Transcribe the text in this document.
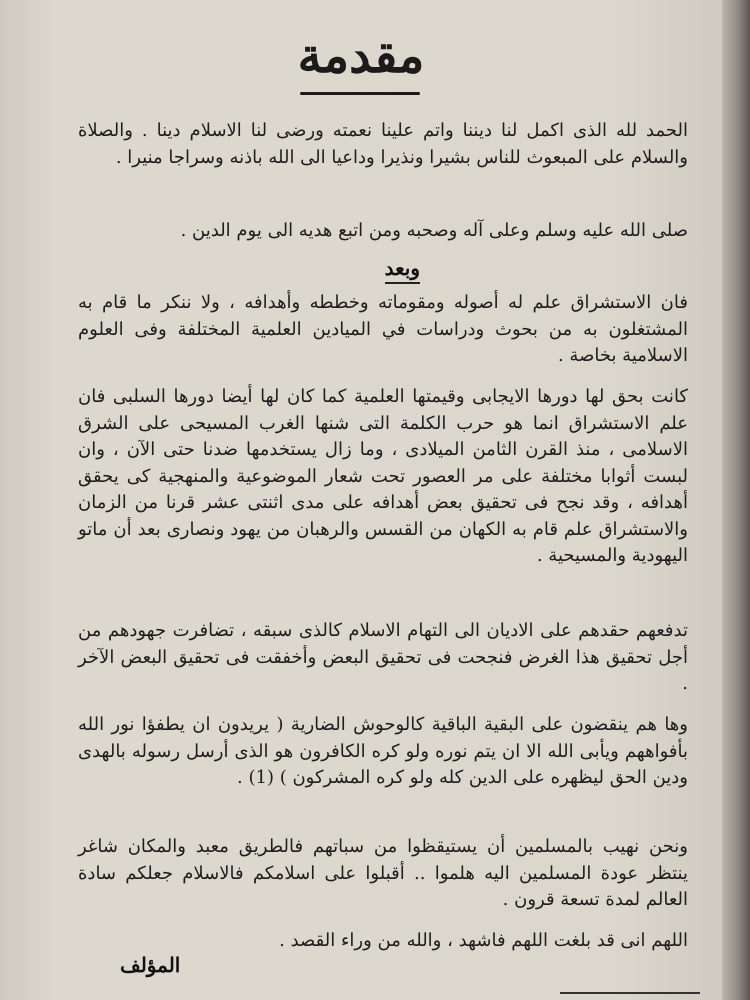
مقدمة

الحمد لله الذى اكمل لنا ديننا واتم علينا نعمته ورضى لنا الاسلام دينا . والصلاة والسلام على المبعوث للناس بشيرا ونذيرا وداعيا الى الله باذنه وسراجا منيرا .

صلى الله عليه وسلم وعلى آله وصحبه ومن اتبع هديه الى يوم الدين .

وبعد

فان الاستشراق علم له أصوله ومقوماته وخططه وأهدافه ، ولا ننكر ما قام به المشتغلون به من بحوث ودراسات في الميادين العلمية المختلفة وفى العلوم الاسلامية بخاصة .

كانت بحق لها دورها الايجابى وقيمتها العلمية كما كان لها أيضا دورها السلبى فان علم الاستشراق انما هو حرب الكلمة التى شنها الغرب المسيحى على الشرق الاسلامى ، منذ القرن الثامن الميلادى ، وما زال يستخدمها ضدنا حتى الآن ، وان لبست أثوابا مختلفة على مر العصور تحت شعار الموضوعية والمنهجية كى يحقق أهدافه ، وقد نجح فى تحقيق بعض أهدافه على مدى اثنتى عشر قرنا من الزمان والاستشراق علم قام به الكهان من القسس والرهبان من يهود ونصارى بعد أن ماتو اليهودية والمسيحية .

تدفعهم حقدهم على الاديان الى التهام الاسلام كالذى سبقه ، تضافرت جهودهم من أجل تحقيق هذا الغرض فنجحت فى تحقيق البعض وأخفقت فى تحقيق البعض الآخر .

وها هم ينقضون على البقية الباقية كالوحوش الضارية ( يريدون ان يطفؤا نور الله بأفواههم ويأبى الله الا ان يتم نوره ولو كره الكافرون هو الذى أرسل رسوله بالهدى ودين الحق ليظهره على الدين كله ولو كره المشركون ) (1) .

ونحن نهيب بالمسلمين أن يستيقظوا من سباتهم فالطريق معبد والمكان شاغر ينتظر عودة المسلمين اليه هلموا .. أقبلوا على اسلامكم فالاسلام جعلكم سادة العالم لمدة تسعة قرون .

اللهم انى قد بلغت اللهم فاشهد ، والله من وراء القصد .

المؤلف
